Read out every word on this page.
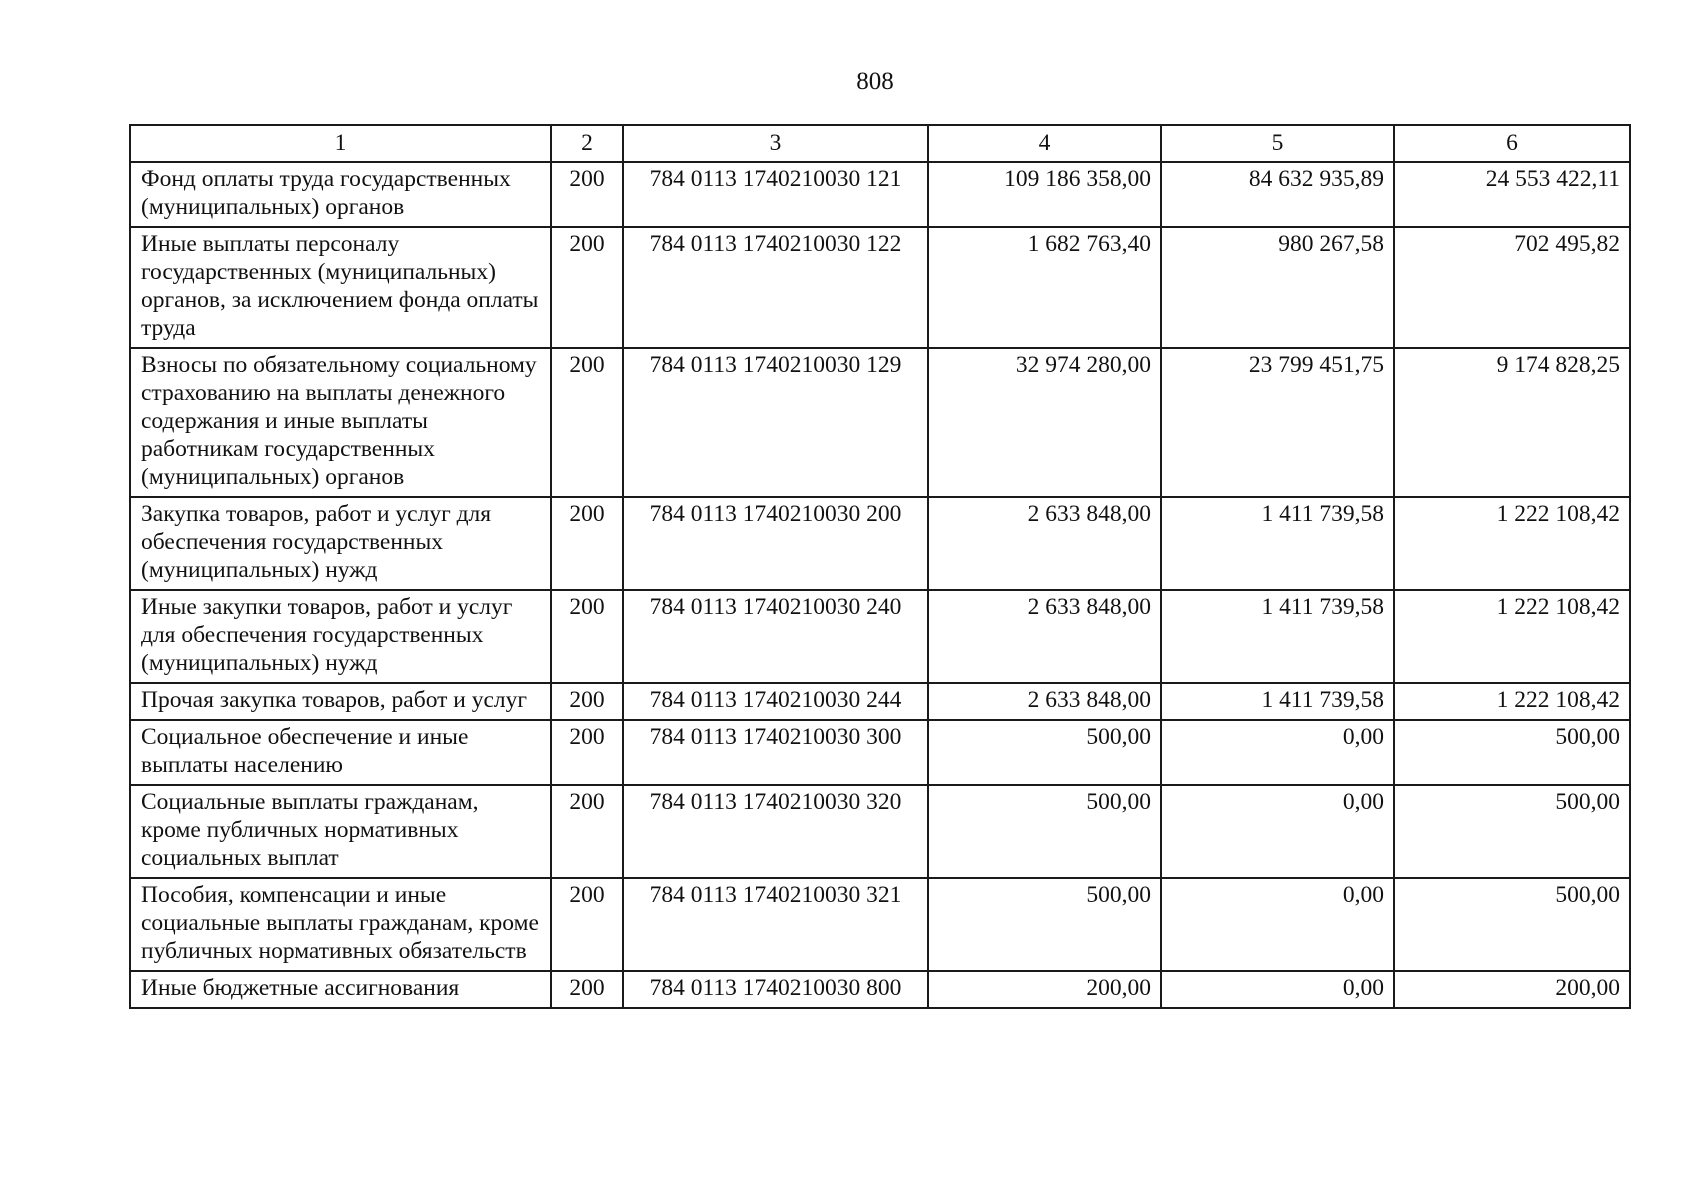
808
1	2	3	4	5	6
Фонд оплаты труда государственных (муниципальных) органов	200	784 0113 1740210030 121	109 186 358,00	84 632 935,89	24 553 422,11
Иные выплаты персоналу государственных (муниципальных) органов, за исключением фонда оплаты труда	200	784 0113 1740210030 122	1 682 763,40	980 267,58	702 495,82
Взносы по обязательному социальному страхованию на выплаты денежного содержания и иные выплаты работникам государственных (муниципальных) органов	200	784 0113 1740210030 129	32 974 280,00	23 799 451,75	9 174 828,25
Закупка товаров, работ и услуг для обеспечения государственных (муниципальных) нужд	200	784 0113 1740210030 200	2 633 848,00	1 411 739,58	1 222 108,42
Иные закупки товаров, работ и услуг для обеспечения государственных (муниципальных) нужд	200	784 0113 1740210030 240	2 633 848,00	1 411 739,58	1 222 108,42
Прочая закупка товаров, работ и услуг	200	784 0113 1740210030 244	2 633 848,00	1 411 739,58	1 222 108,42
Социальное обеспечение и иные выплаты населению	200	784 0113 1740210030 300	500,00	0,00	500,00
Социальные выплаты гражданам, кроме публичных нормативных социальных выплат	200	784 0113 1740210030 320	500,00	0,00	500,00
Пособия, компенсации и иные социальные выплаты гражданам, кроме публичных нормативных обязательств	200	784 0113 1740210030 321	500,00	0,00	500,00
Иные бюджетные ассигнования	200	784 0113 1740210030 800	200,00	0,00	200,00
